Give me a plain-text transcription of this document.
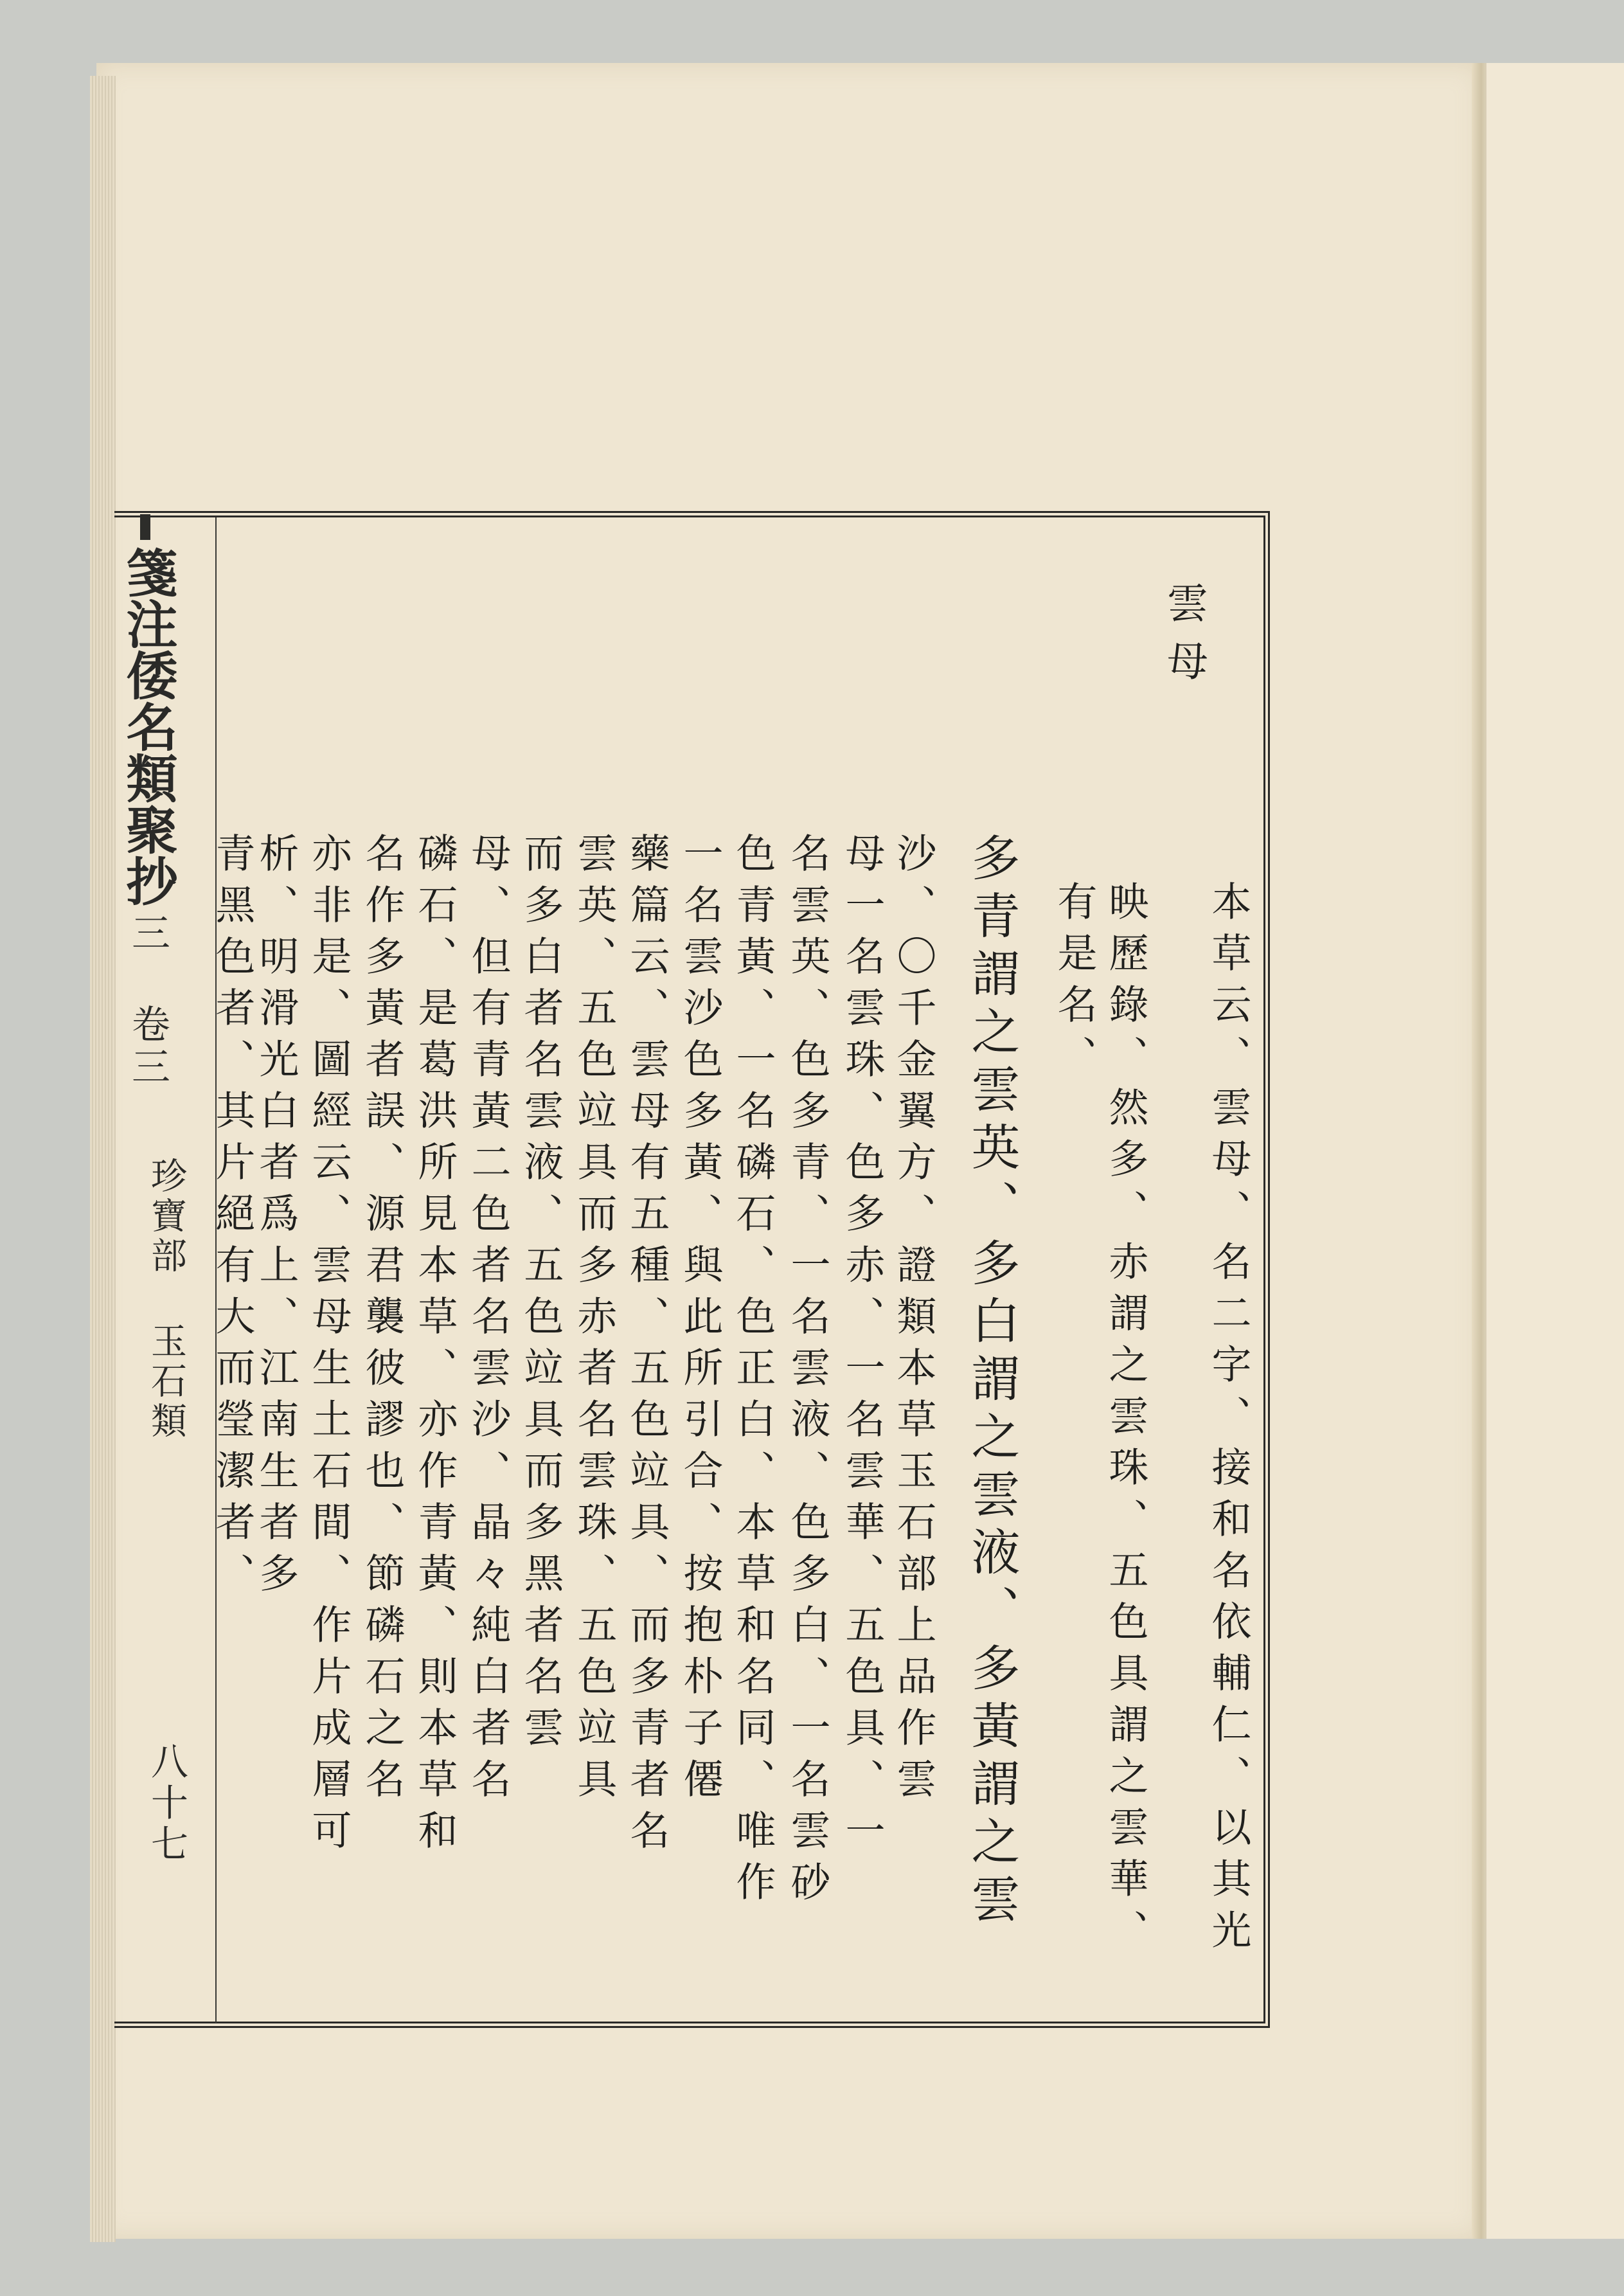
箋注倭名類聚抄
三 卷三
珍寶部 玉石類
八十七
雲母
本草云、雲母、名二字、接和名依輔仁、以其光
映歷錄、然多、赤謂之雲珠、五色具謂之雲華、
有是名、
多青謂之雲英、多白謂之雲液、多黃謂之雲
沙、〇千金翼方、證類本草玉石部上品作雲
母一名雲珠、色多赤、一名雲華、五色具、一
名雲英、色多青、一名雲液、色多白、一名雲砂
色青黃、一名磷石、色正白、本草和名同、唯作
一名雲沙色多黃、與此所引合、按抱朴子僊
藥篇云、雲母有五種、五色竝具、而多青者名
雲英、五色竝具而多赤者名雲珠、五色竝具
而多白者名雲液、五色竝具而多黑者名雲
母、但有青黃二色者名雲沙、晶々純白者名
磷石、是葛洪所見本草、亦作青黃、則本草和
名作多黃者誤、源君襲彼謬也、節磷石之名
亦非是、圖經云、雲母生土石間、作片成層可
析、明滑光白者爲上、江南生者多
青黑色者、其片絕有大而瑩潔者、
